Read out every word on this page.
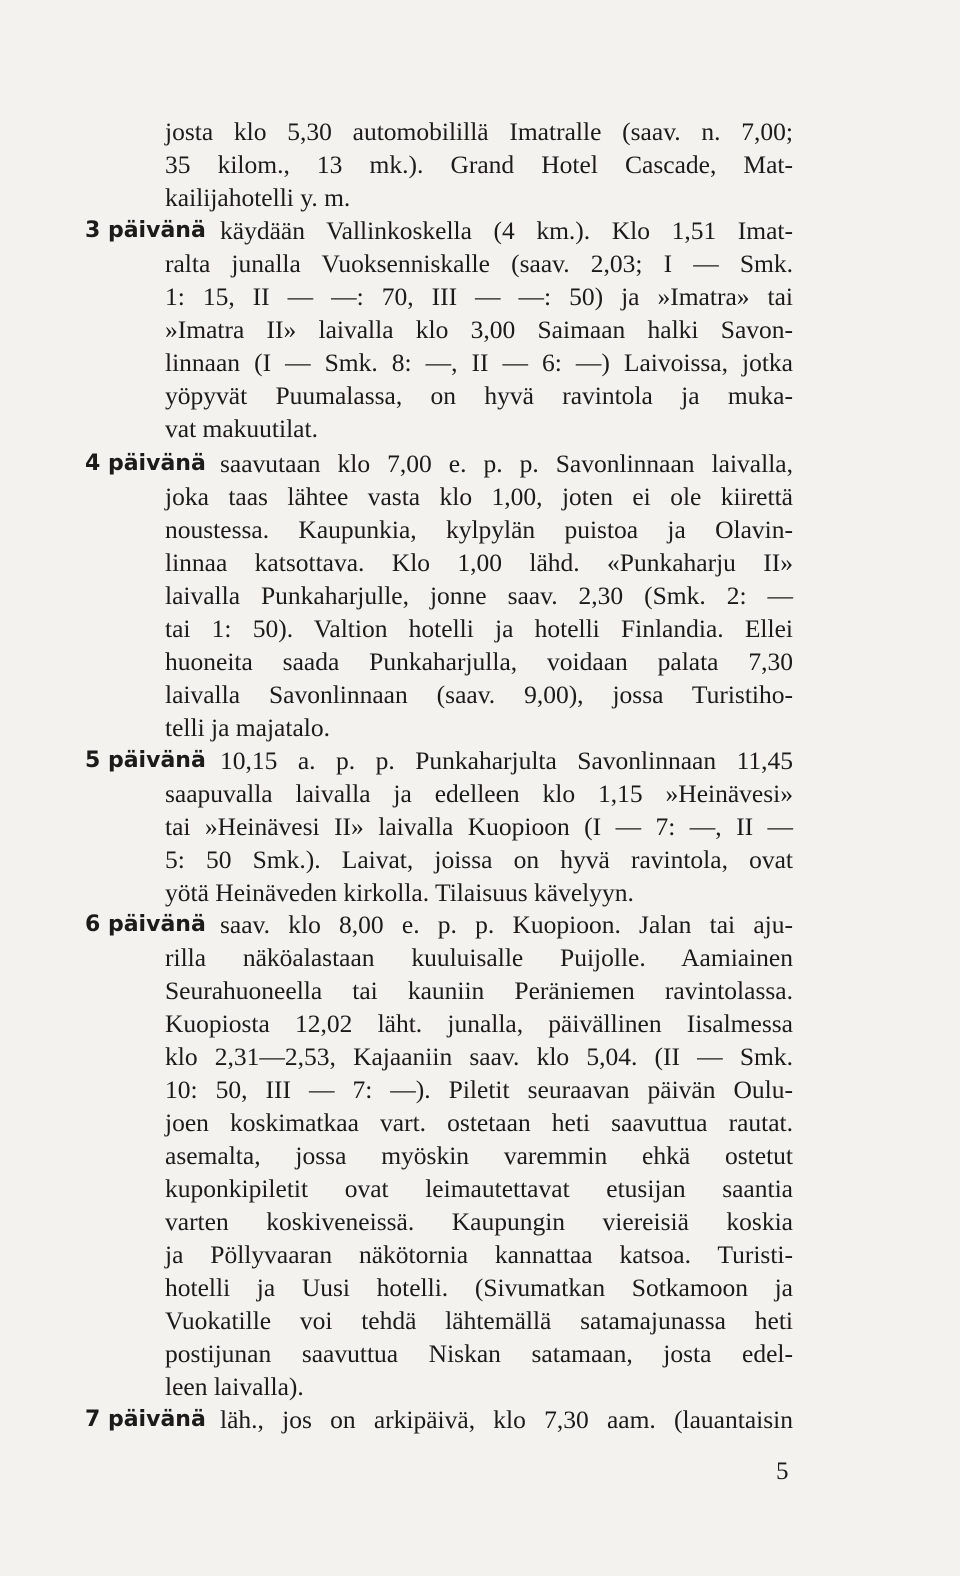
josta klo 5,30 automobilillä Imatralle (saav. n. 7,00;
35 kilom., 13 mk.). Grand Hotel Cascade, Mat-
kailijahotelli y. m.
3 päivänä käydään Vallinkoskella (4 km.). Klo 1,51 Imat-
ralta junalla Vuoksenniskalle (saav. 2,03; I — Smk.
1: 15, II — —: 70, III — —: 50) ja »Imatra» tai
»Imatra II» laivalla klo 3,00 Saimaan halki Savon-
linnaan (I — Smk. 8: —, II — 6: —) Laivoissa, jotka
yöpyvät Puumalassa, on hyvä ravintola ja muka-
vat makuutilat.
4 päivänä saavutaan klo 7,00 e. p. p. Savonlinnaan laivalla,
joka taas lähtee vasta klo 1,00, joten ei ole kiirettä
noustessa. Kaupunkia, kylpylän puistoa ja Olavin-
linnaa katsottava. Klo 1,00 lähd. «Punkaharju II»
laivalla Punkaharjulle, jonne saav. 2,30 (Smk. 2: —
tai 1: 50). Valtion hotelli ja hotelli Finlandia. Ellei
huoneita saada Punkaharjulla, voidaan palata 7,30
laivalla Savonlinnaan (saav. 9,00), jossa Turistiho-
telli ja majatalo.
5 päivänä 10,15 a. p. p. Punkaharjulta Savonlinnaan 11,45
saapuvalla laivalla ja edelleen klo 1,15 »Heinävesi»
tai »Heinävesi II» laivalla Kuopioon (I — 7: —, II —
5: 50 Smk.). Laivat, joissa on hyvä ravintola, ovat
yötä Heinäveden kirkolla. Tilaisuus kävelyyn.
6 päivänä saav. klo 8,00 e. p. p. Kuopioon. Jalan tai aju-
rilla näköalastaan kuuluisalle Puijolle. Aamiainen
Seurahuoneella tai kauniin Peräniemen ravintolassa.
Kuopiosta 12,02 läht. junalla, päivällinen Iisalmessa
klo 2,31—2,53, Kajaaniin saav. klo 5,04. (II — Smk.
10: 50, III — 7: —). Piletit seuraavan päivän Oulu-
joen koskimatkaa vart. ostetaan heti saavuttua rautat.
asemalta, jossa myöskin varemmin ehkä ostetut
kuponkipiletit ovat leimautettavat etusijan saantia
varten koskiveneissä. Kaupungin viereisiä koskia
ja Pöllyvaaran näkötornia kannattaa katsoa. Turisti-
hotelli ja Uusi hotelli. (Sivumatkan Sotkamoon ja
Vuokatille voi tehdä lähtemällä satamajunassa heti
postijunan saavuttua Niskan satamaan, josta edel-
leen laivalla).
7 päivänä läh., jos on arkipäivä, klo 7,30 aam. (lauantaisin
5
